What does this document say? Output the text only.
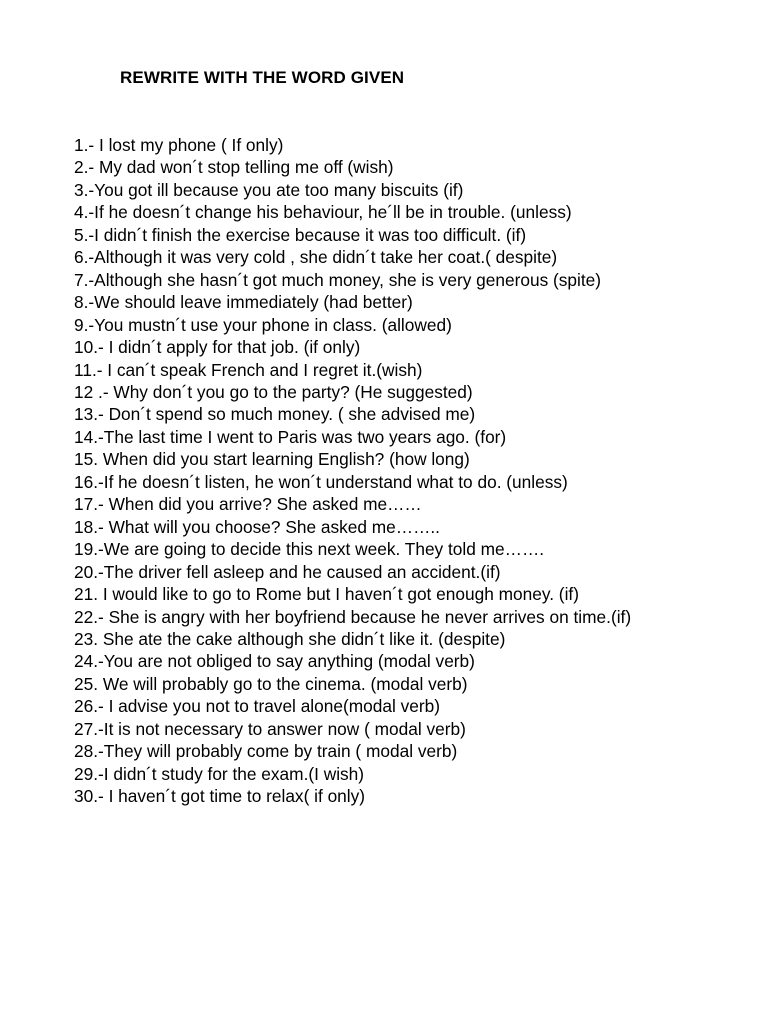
REWRITE WITH THE WORD GIVEN
1.- I lost my phone ( If only)
2.- My dad won´t stop telling me off (wish)
3.-You got ill because you ate too many biscuits (if)
4.-If he doesn´t change his behaviour, he´ll be in trouble. (unless)
5.-I didn´t finish the exercise because it was too difficult. (if)
6.-Although it was very cold , she didn´t take her coat.( despite)
7.-Although she hasn´t got much money, she is very generous (spite)
8.-We should leave immediately (had better)
9.-You mustn´t use your phone in class. (allowed)
10.- I didn´t apply for that job. (if only)
11.- I can´t speak French and I regret it.(wish)
12 .- Why don´t you go to the party? (He suggested)
13.- Don´t spend so much money. ( she advised me)
14.-The last time I went to Paris was two years ago. (for)
15. When did you start learning English? (how long)
16.-If he doesn´t listen, he won´t understand what to do. (unless)
17.- When did you arrive? She asked me……
18.- What will you choose? She asked me……..
19.-We are going to decide this next week. They told me…….
20.-The driver fell asleep and he caused an accident.(if)
21. I would like to go to Rome but I haven´t got enough money. (if)
22.- She is angry with her boyfriend because he never arrives on time.(if)
23. She ate the cake although she didn´t like it. (despite)
24.-You are not obliged to say anything (modal verb)
25. We will probably go to the cinema. (modal verb)
26.- I advise you not to travel alone(modal verb)
27.-It is not necessary to answer now ( modal verb)
28.-They will probably come by train ( modal verb)
29.-I didn´t study for the exam.(I wish)
30.- I haven´t got time to relax( if only)
